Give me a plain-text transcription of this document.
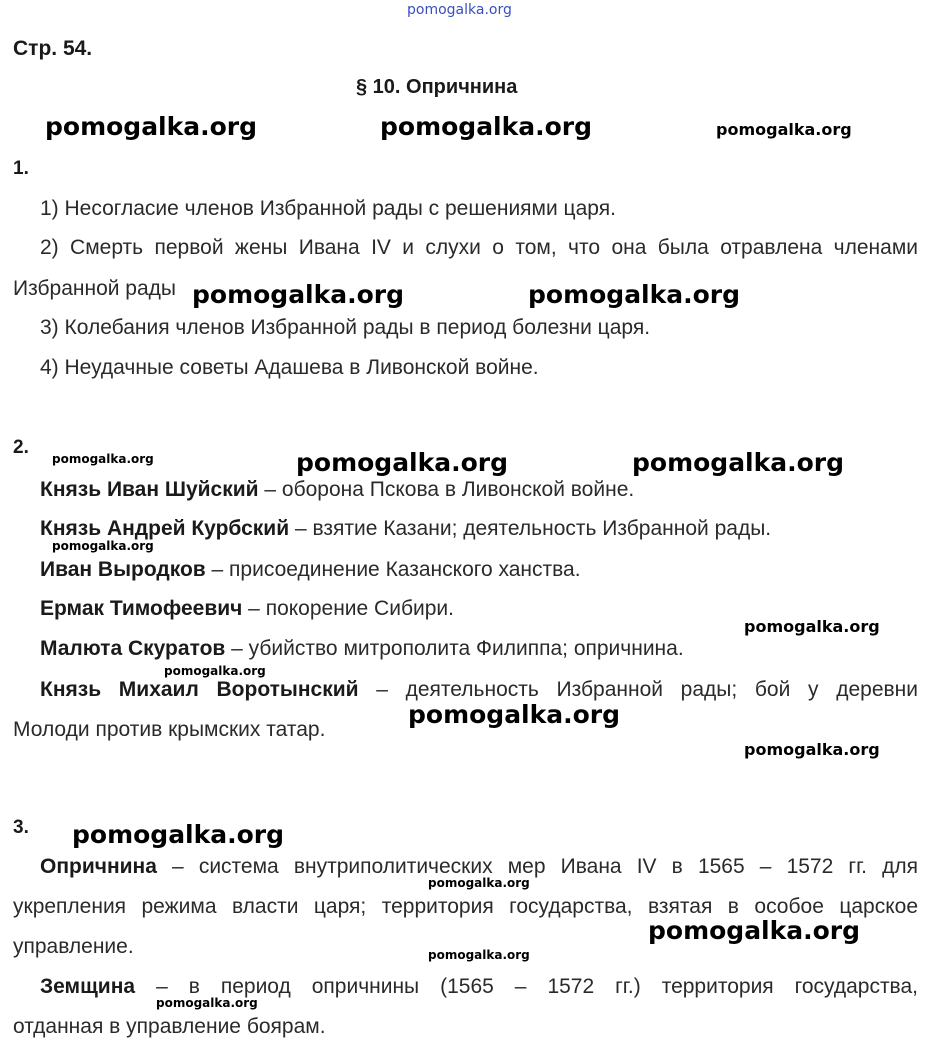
pomogalka.org
Стр. 54.
§ 10. Опричнина
1.
1) Несогласие членов Избранной рады с решениями царя.
2) Смерть первой жены Ивана IV и слухи о том, что она была отравлена членами
Избранной рады
3) Колебания членов Избранной рады в период болезни царя.
4) Неудачные советы Адашева в Ливонской войне.
2.
Князь Иван Шуйский – оборона Пскова в Ливонской войне.
Князь Андрей Курбский – взятие Казани; деятельность Избранной рады.
Иван Выродков – присоединение Казанского ханства.
Ермак Тимофеевич – покорение Сибири.
Малюта Скуратов – убийство митрополита Филиппа; опричнина.
Князь Михаил Воротынский – деятельность Избранной рады; бой у деревни
Молоди против крымских татар.
3.
Опричнина – система внутриполитических мер Ивана IV в 1565 – 1572 гг. для
укрепления режима власти царя; территория государства, взятая в особое царское
управление.
Земщина – в период опричнины (1565 – 1572 гг.) территория государства,
отданная в управление боярам.
pomogalka.org	pomogalka.org	pomogalka.org
pomogalka.org	pomogalka.org
pomogalka.org	pomogalka.org	pomogalka.org
pomogalka.org
pomogalka.org
pomogalka.org
pomogalka.org
pomogalka.org
pomogalka.org
pomogalka.org
pomogalka.org
pomogalka.org
pomogalka.org
